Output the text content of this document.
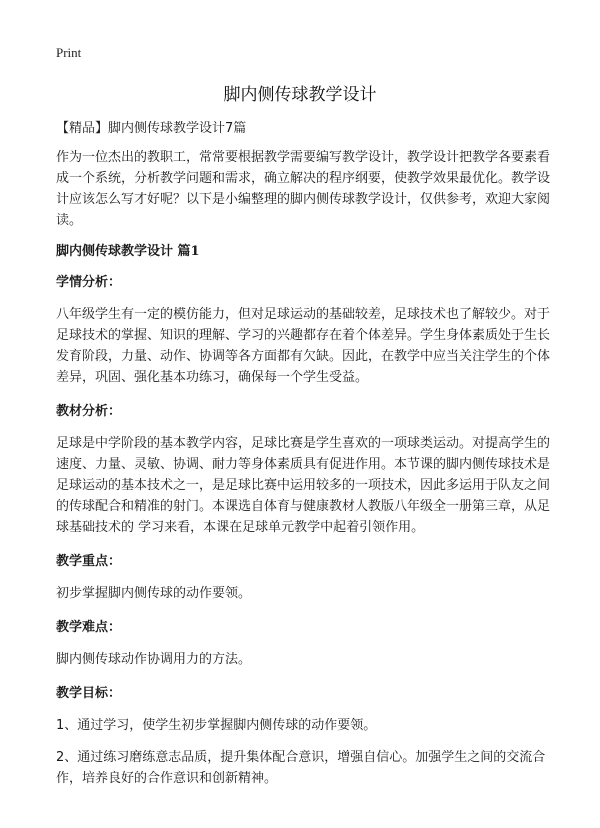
Print
脚内侧传球教学设计

【精品】脚内侧传球教学设计7篇

作为一位杰出的教职工，常常要根据教学需要编写教学设计，教学设计把教学各要素看成一个系统，分析教学问题和需求，确立解决的程序纲要，使教学效果最优化。教学设计应该怎么写才好呢？以下是小编整理的脚内侧传球教学设计，仅供参考，欢迎大家阅读。

脚内侧传球教学设计 篇1

学情分析：

八年级学生有一定的模仿能力，但对足球运动的基础较差，足球技术也了解较少。对于足球技术的掌握、知识的理解、学习的兴趣都存在着个体差异。学生身体素质处于生长发育阶段，力量、动作、协调等各方面都有欠缺。因此，在教学中应当关注学生的个体差异，巩固、强化基本功练习，确保每一个学生受益。

教材分析：

足球是中学阶段的基本教学内容，足球比赛是学生喜欢的一项球类运动。对提高学生的速度、力量、灵敏、协调、耐力等身体素质具有促进作用。本节课的脚内侧传球技术是足球运动的基本技术之一，是足球比赛中运用较多的一项技术，因此多运用于队友之间的传球配合和精准的射门。本课选自体育与健康教材人教版八年级全一册第三章，从足球基础技术的 学习来看，本课在足球单元教学中起着引领作用。

教学重点：

初步掌握脚内侧传球的动作要领。

教学难点：

脚内侧传球动作协调用力的方法。

教学目标：

1、通过学习，使学生初步掌握脚内侧传球的动作要领。

2、通过练习磨练意志品质，提升集体配合意识，增强自信心。加强学生之间的交流合作，培养良好的合作意识和创新精神。
